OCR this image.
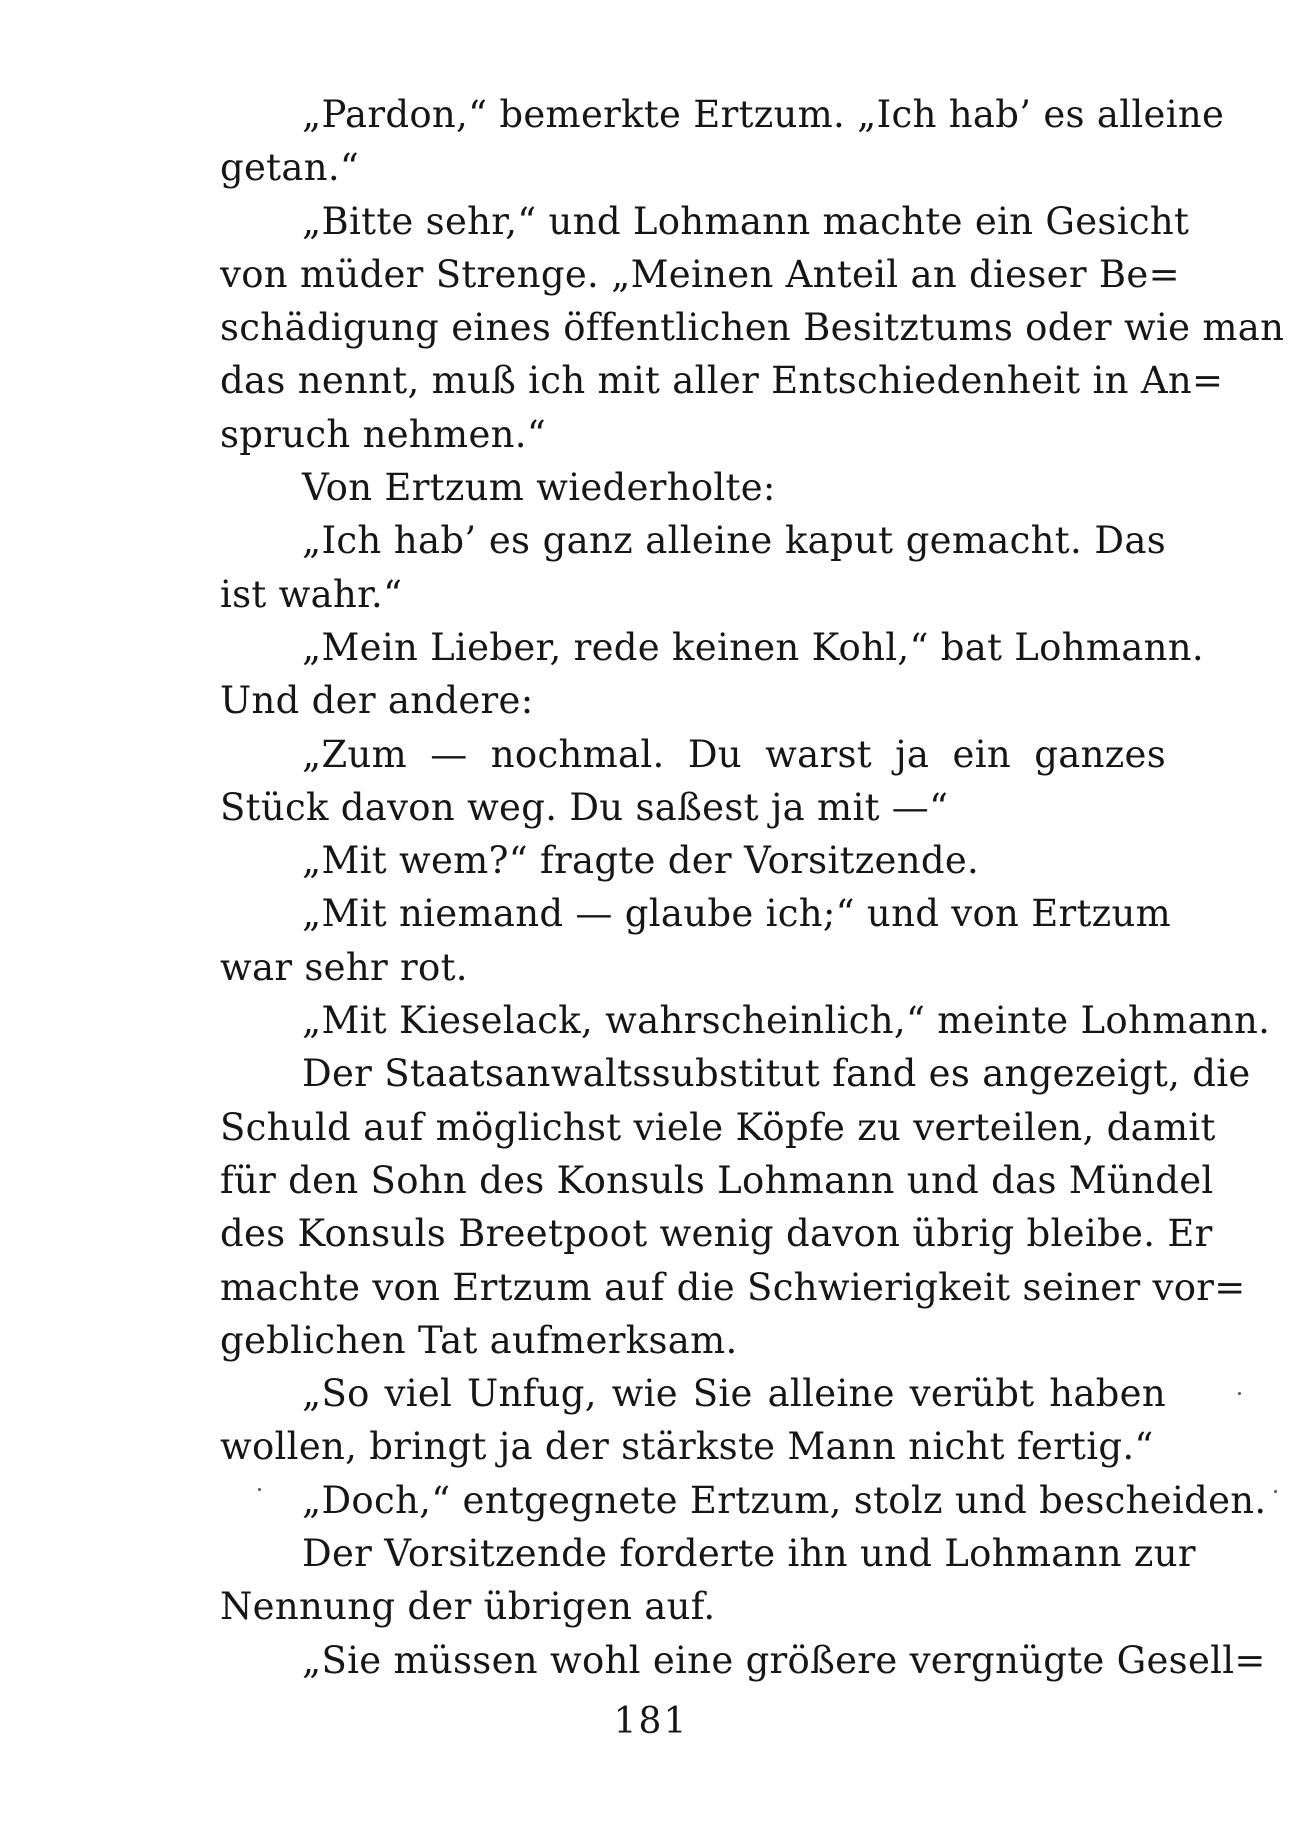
„Pardon,“ bemerkte Ertzum. „Ich hab’ es alleine
getan.“
„Bitte sehr,“ und Lohmann machte ein Gesicht
von müder Strenge. „Meinen Anteil an dieser Be=
schädigung eines öffentlichen Besitztums oder wie man
das nennt, muß ich mit aller Entschiedenheit in An=
spruch nehmen.“
Von Ertzum wiederholte:
„Ich hab’ es ganz alleine kaput gemacht. Das
ist wahr.“
„Mein Lieber, rede keinen Kohl,“ bat Lohmann.
Und der andere:
„Zum — nochmal. Du warst ja ein ganzes
Stück davon weg. Du saßest ja mit —“
„Mit wem?“ fragte der Vorsitzende.
„Mit niemand — glaube ich;“ und von Ertzum
war sehr rot.
„Mit Kieselack, wahrscheinlich,“ meinte Lohmann.
Der Staatsanwaltssubstitut fand es angezeigt, die
Schuld auf möglichst viele Köpfe zu verteilen, damit
für den Sohn des Konsuls Lohmann und das Mündel
des Konsuls Breetpoot wenig davon übrig bleibe. Er
machte von Ertzum auf die Schwierigkeit seiner vor=
geblichen Tat aufmerksam.
„So viel Unfug, wie Sie alleine verübt haben
wollen, bringt ja der stärkste Mann nicht fertig.“
„Doch,“ entgegnete Ertzum, stolz und bescheiden.
Der Vorsitzende forderte ihn und Lohmann zur
Nennung der übrigen auf.
„Sie müssen wohl eine größere vergnügte Gesell=
181
